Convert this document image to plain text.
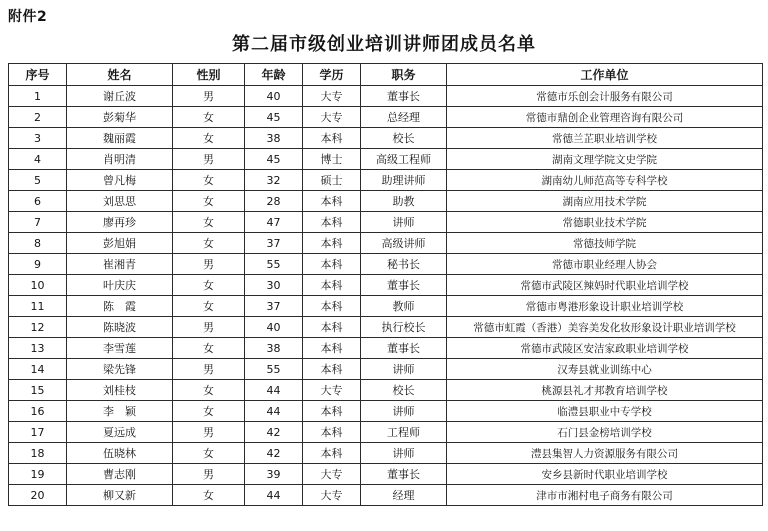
附件2
第二届市级创业培训讲师团成员名单
序号	姓名	性别	年龄	学历	职务	工作单位
1	谢丘波	男	40	大专	董事长	常德市乐创会计服务有限公司
2	彭菊华	女	45	大专	总经理	常德市鼎创企业管理咨询有限公司
3	魏丽霞	女	38	本科	校长	常德兰芷职业培训学校
4	肖明清	男	45	博士	高级工程师	湖南文理学院文史学院
5	曾凡梅	女	32	硕士	助理讲师	湖南幼儿师范高等专科学校
6	刘思思	女	28	本科	助教	湖南应用技术学院
7	廖再珍	女	47	本科	讲师	常德职业技术学院
8	彭旭娟	女	37	本科	高级讲师	常德技师学院
9	崔湘青	男	55	本科	秘书长	常德市职业经理人协会
10	叶庆庆	女	30	本科	董事长	常德市武陵区辣妈时代职业培训学校
11	陈　霞	女	37	本科	教师	常德市粤港形象设计职业培训学校
12	陈晓波	男	40	本科	执行校长	常德市虹霞（香港）美容美发化妆形象设计职业培训学校
13	李雪莲	女	38	本科	董事长	常德市武陵区安洁家政职业培训学校
14	梁先锋	男	55	本科	讲师	汉寿县就业训练中心
15	刘桂枝	女	44	大专	校长	桃源县礼才邦教育培训学校
16	李　颖	女	44	本科	讲师	临澧县职业中专学校
17	夏远成	男	42	本科	工程师	石门县金榜培训学校
18	伍晓林	女	42	本科	讲师	澧县集智人力资源服务有限公司
19	曹志刚	男	39	大专	董事长	安乡县新时代职业培训学校
20	柳又新	女	44	大专	经理	津市市湘村电子商务有限公司
